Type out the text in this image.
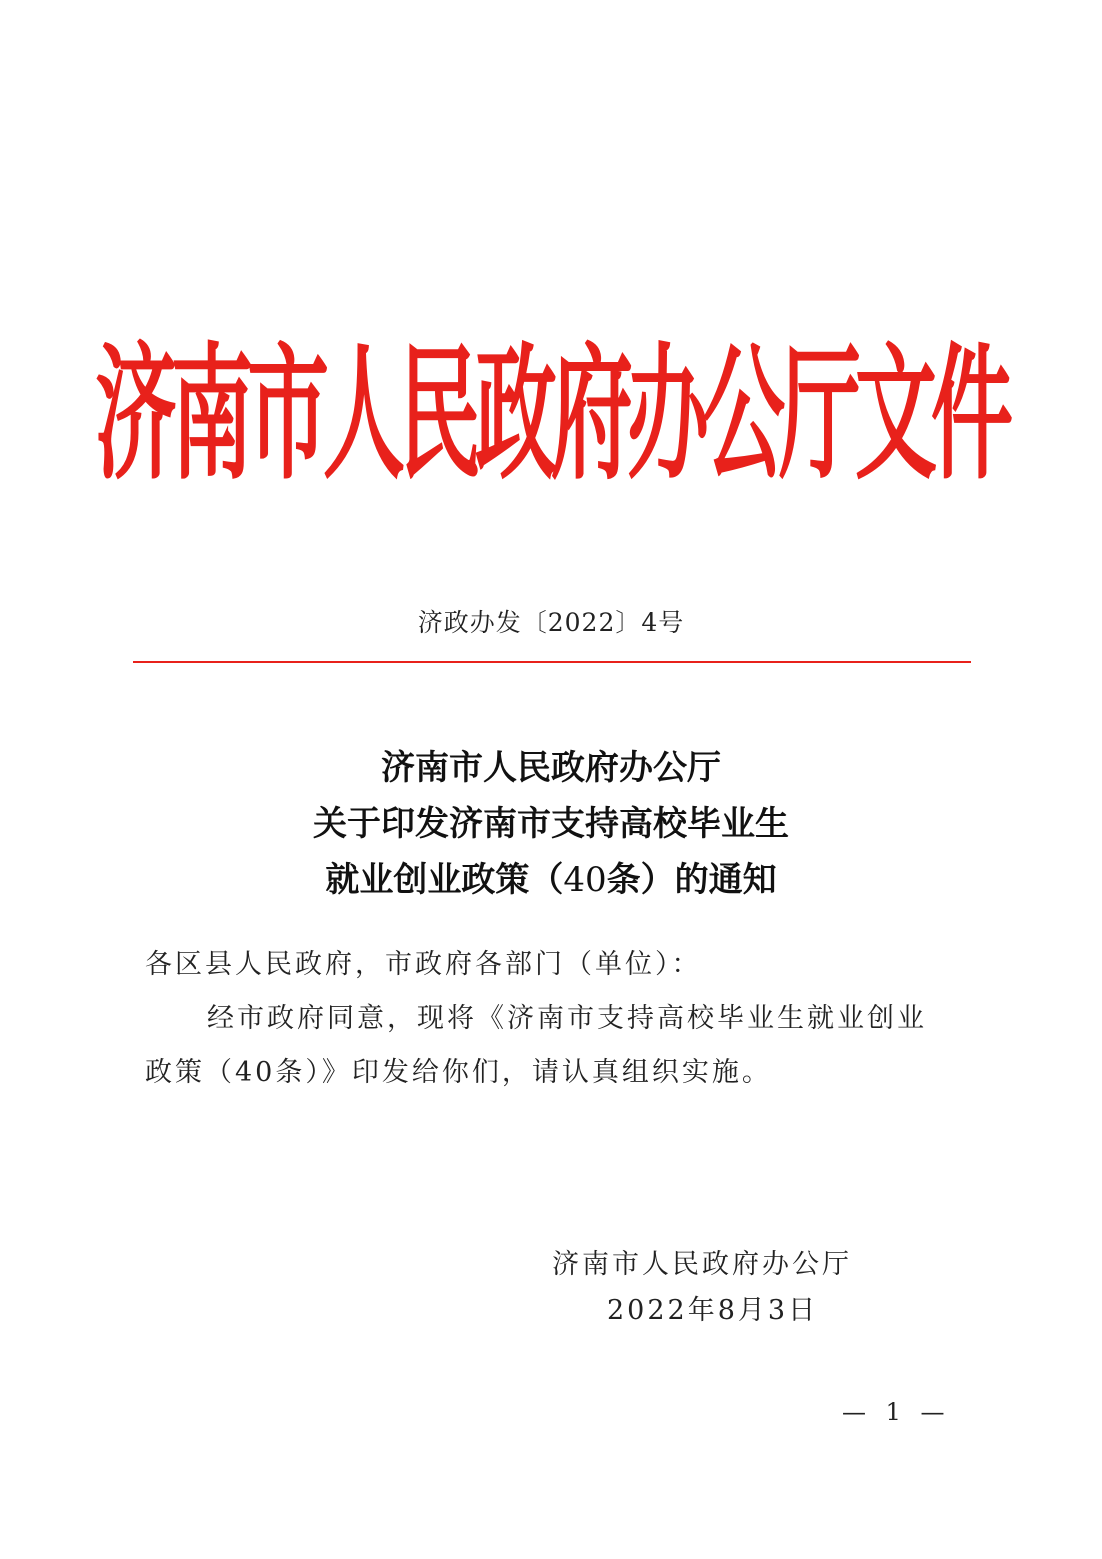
济南市人民政府办公厅文件
济政办发〔2022〕4号
济南市人民政府办公厅
关于印发济南市支持高校毕业生
就业创业政策（40条）的通知
各区县人民政府，市政府各部门（单位）：
经市政府同意，现将《济南市支持高校毕业生就业创业
政策（40条）》印发给你们，请认真组织实施。
济南市人民政府办公厅
2022年8月3日
— 1 —
